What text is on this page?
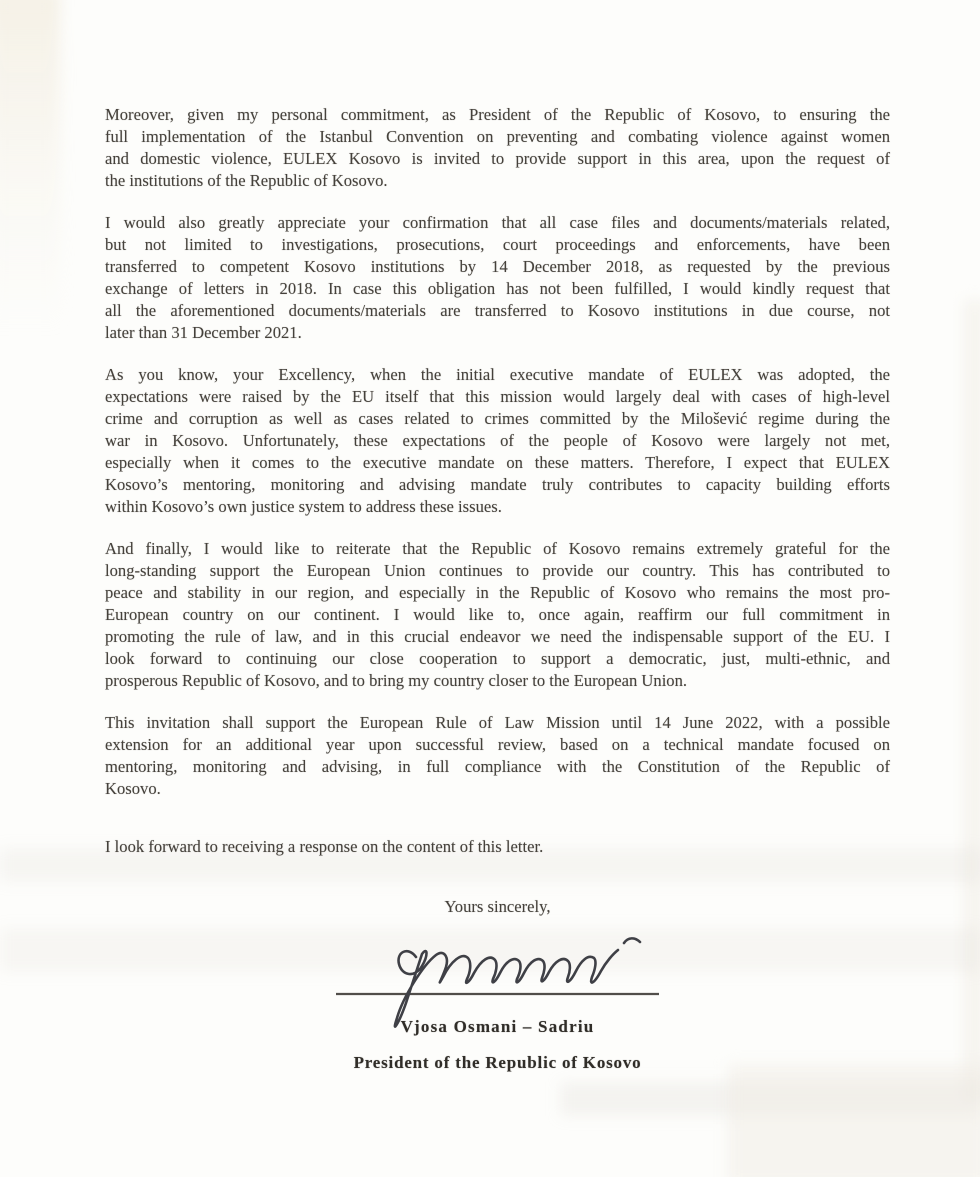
Moreover, given my personal commitment, as President of the Republic of Kosovo, to ensuring the
full implementation of the Istanbul Convention on preventing and combating violence against women
and domestic violence, EULEX Kosovo is invited to provide support in this area, upon the request of
the institutions of the Republic of Kosovo.
I would also greatly appreciate your confirmation that all case files and documents/materials related,
but not limited to investigations, prosecutions, court proceedings and enforcements, have been
transferred to competent Kosovo institutions by 14 December 2018, as requested by the previous
exchange of letters in 2018. In case this obligation has not been fulfilled, I would kindly request that
all the aforementioned documents/materials are transferred to Kosovo institutions in due course, not
later than 31 December 2021.
As you know, your Excellency, when the initial executive mandate of EULEX was adopted, the
expectations were raised by the EU itself that this mission would largely deal with cases of high-level
crime and corruption as well as cases related to crimes committed by the Milošević regime during the
war in Kosovo. Unfortunately, these expectations of the people of Kosovo were largely not met,
especially when it comes to the executive mandate on these matters. Therefore, I expect that EULEX
Kosovo’s mentoring, monitoring and advising mandate truly contributes to capacity building efforts
within Kosovo’s own justice system to address these issues.
And finally, I would like to reiterate that the Republic of Kosovo remains extremely grateful for the
long-standing support the European Union continues to provide our country. This has contributed to
peace and stability in our region, and especially in the Republic of Kosovo who remains the most pro-
European country on our continent. I would like to, once again, reaffirm our full commitment in
promoting the rule of law, and in this crucial endeavor we need the indispensable support of the EU. I
look forward to continuing our close cooperation to support a democratic, just, multi-ethnic, and
prosperous Republic of Kosovo, and to bring my country closer to the European Union.
This invitation shall support the European Rule of Law Mission until 14 June 2022, with a possible
extension for an additional year upon successful review, based on a technical mandate focused on
mentoring, monitoring and advising, in full compliance with the Constitution of the Republic of
Kosovo.
I look forward to receiving a response on the content of this letter.
Yours sincerely,
Vjosa Osmani – Sadriu
President of the Republic of Kosovo
